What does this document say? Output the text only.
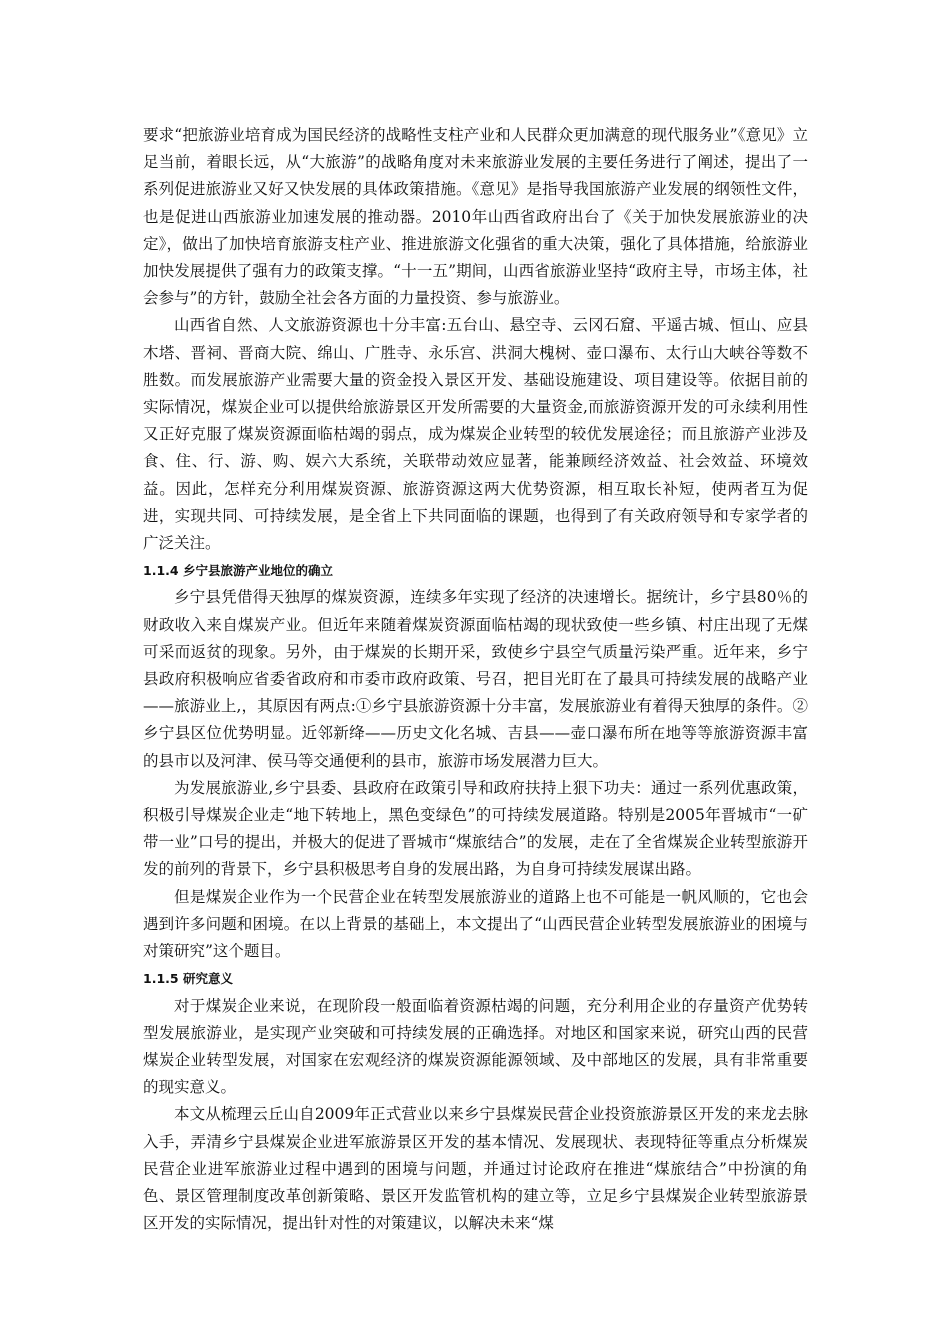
要求“把旅游业培育成为国民经济的战略性支柱产业和人民群众更加满意的现代服务业”《意见》立足当前，着眼长远，从“大旅游”的战略角度对未来旅游业发展的主要任务进行了阐述，提出了一系列促进旅游业又好又快发展的具体政策措施。《意见》是指导我国旅游产业发展的纲领性文件，也是促进山西旅游业加速发展的推动器。2010年山西省政府出台了《关于加快发展旅游业的决定》，做出了加快培育旅游支柱产业、推进旅游文化强省的重大决策，强化了具体措施，给旅游业加快发展提供了强有力的政策支撑。“十一五”期间，山西省旅游业坚持“政府主导，市场主体，社会参与”的方针，鼓励全社会各方面的力量投资、参与旅游业。

山西省自然、人文旅游资源也十分丰富:五台山、悬空寺、云冈石窟、平遥古城、恒山、应县木塔、晋祠、晋商大院、绵山、广胜寺、永乐宫、洪洞大槐树、壶口瀑布、太行山大峡谷等数不胜数。而发展旅游产业需要大量的资金投入景区开发、基础设施建设、项目建设等。依据目前的实际情况，煤炭企业可以提供给旅游景区开发所需要的大量资金,而旅游资源开发的可永续利用性又正好克服了煤炭资源面临枯竭的弱点，成为煤炭企业转型的较优发展途径；而且旅游产业涉及食、住、行、游、购、娱六大系统，关联带动效应显著，能兼顾经济效益、社会效益、环境效益。因此，怎样充分利用煤炭资源、旅游资源这两大优势资源，相互取长补短，使两者互为促进，实现共同、可持续发展，是全省上下共同面临的课题，也得到了有关政府领导和专家学者的广泛关注。

1.1.4 乡宁县旅游产业地位的确立

乡宁县凭借得天独厚的煤炭资源，连续多年实现了经济的决速增长。据统计，乡宁县80％的财政收入来自煤炭产业。但近年来随着煤炭资源面临枯竭的现状致使一些乡镇、村庄出现了无煤可采而返贫的现象。另外，由于煤炭的长期开采，致使乡宁县空气质量污染严重。近年来，乡宁县政府积极响应省委省政府和市委市政府政策、号召，把目光盯在了最具可持续发展的战略产业——旅游业上,，其原因有两点:①乡宁县旅游资源十分丰富，发展旅游业有着得天独厚的条件。②乡宁县区位优势明显。近邻新绛——历史文化名城、吉县——壶口瀑布所在地等等旅游资源丰富的县市以及河津、侯马等交通便利的县市，旅游市场发展潜力巨大。

为发展旅游业,乡宁县委、县政府在政策引导和政府扶持上狠下功夫：通过一系列优惠政策，积极引导煤炭企业走“地下转地上，黑色变绿色”的可持续发展道路。特别是2005年晋城市“一矿带一业”口号的提出，并极大的促进了晋城市“煤旅结合”的发展，走在了全省煤炭企业转型旅游开发的前列的背景下，乡宁县积极思考自身的发展出路，为自身可持续发展谋出路。

但是煤炭企业作为一个民营企业在转型发展旅游业的道路上也不可能是一帆风顺的，它也会遇到许多问题和困境。在以上背景的基础上，本文提出了“山西民营企业转型发展旅游业的困境与对策研究”这个题目。

1.1.5 研究意义

对于煤炭企业来说，在现阶段一般面临着资源枯竭的问题，充分利用企业的存量资产优势转型发展旅游业，是实现产业突破和可持续发展的正确选择。对地区和国家来说，研究山西的民营煤炭企业转型发展，对国家在宏观经济的煤炭资源能源领域、及中部地区的发展，具有非常重要的现实意义。

本文从梳理云丘山自2009年正式营业以来乡宁县煤炭民营企业投资旅游景区开发的来龙去脉入手，弄清乡宁县煤炭企业进军旅游景区开发的基本情况、发展现状、表现特征等重点分析煤炭民营企业进军旅游业过程中遇到的困境与问题，并通过讨论政府在推进“煤旅结合”中扮演的角色、景区管理制度改革创新策略、景区开发监管机构的建立等，立足乡宁县煤炭企业转型旅游景区开发的实际情况，提出针对性的对策建议，以解决未来“煤
